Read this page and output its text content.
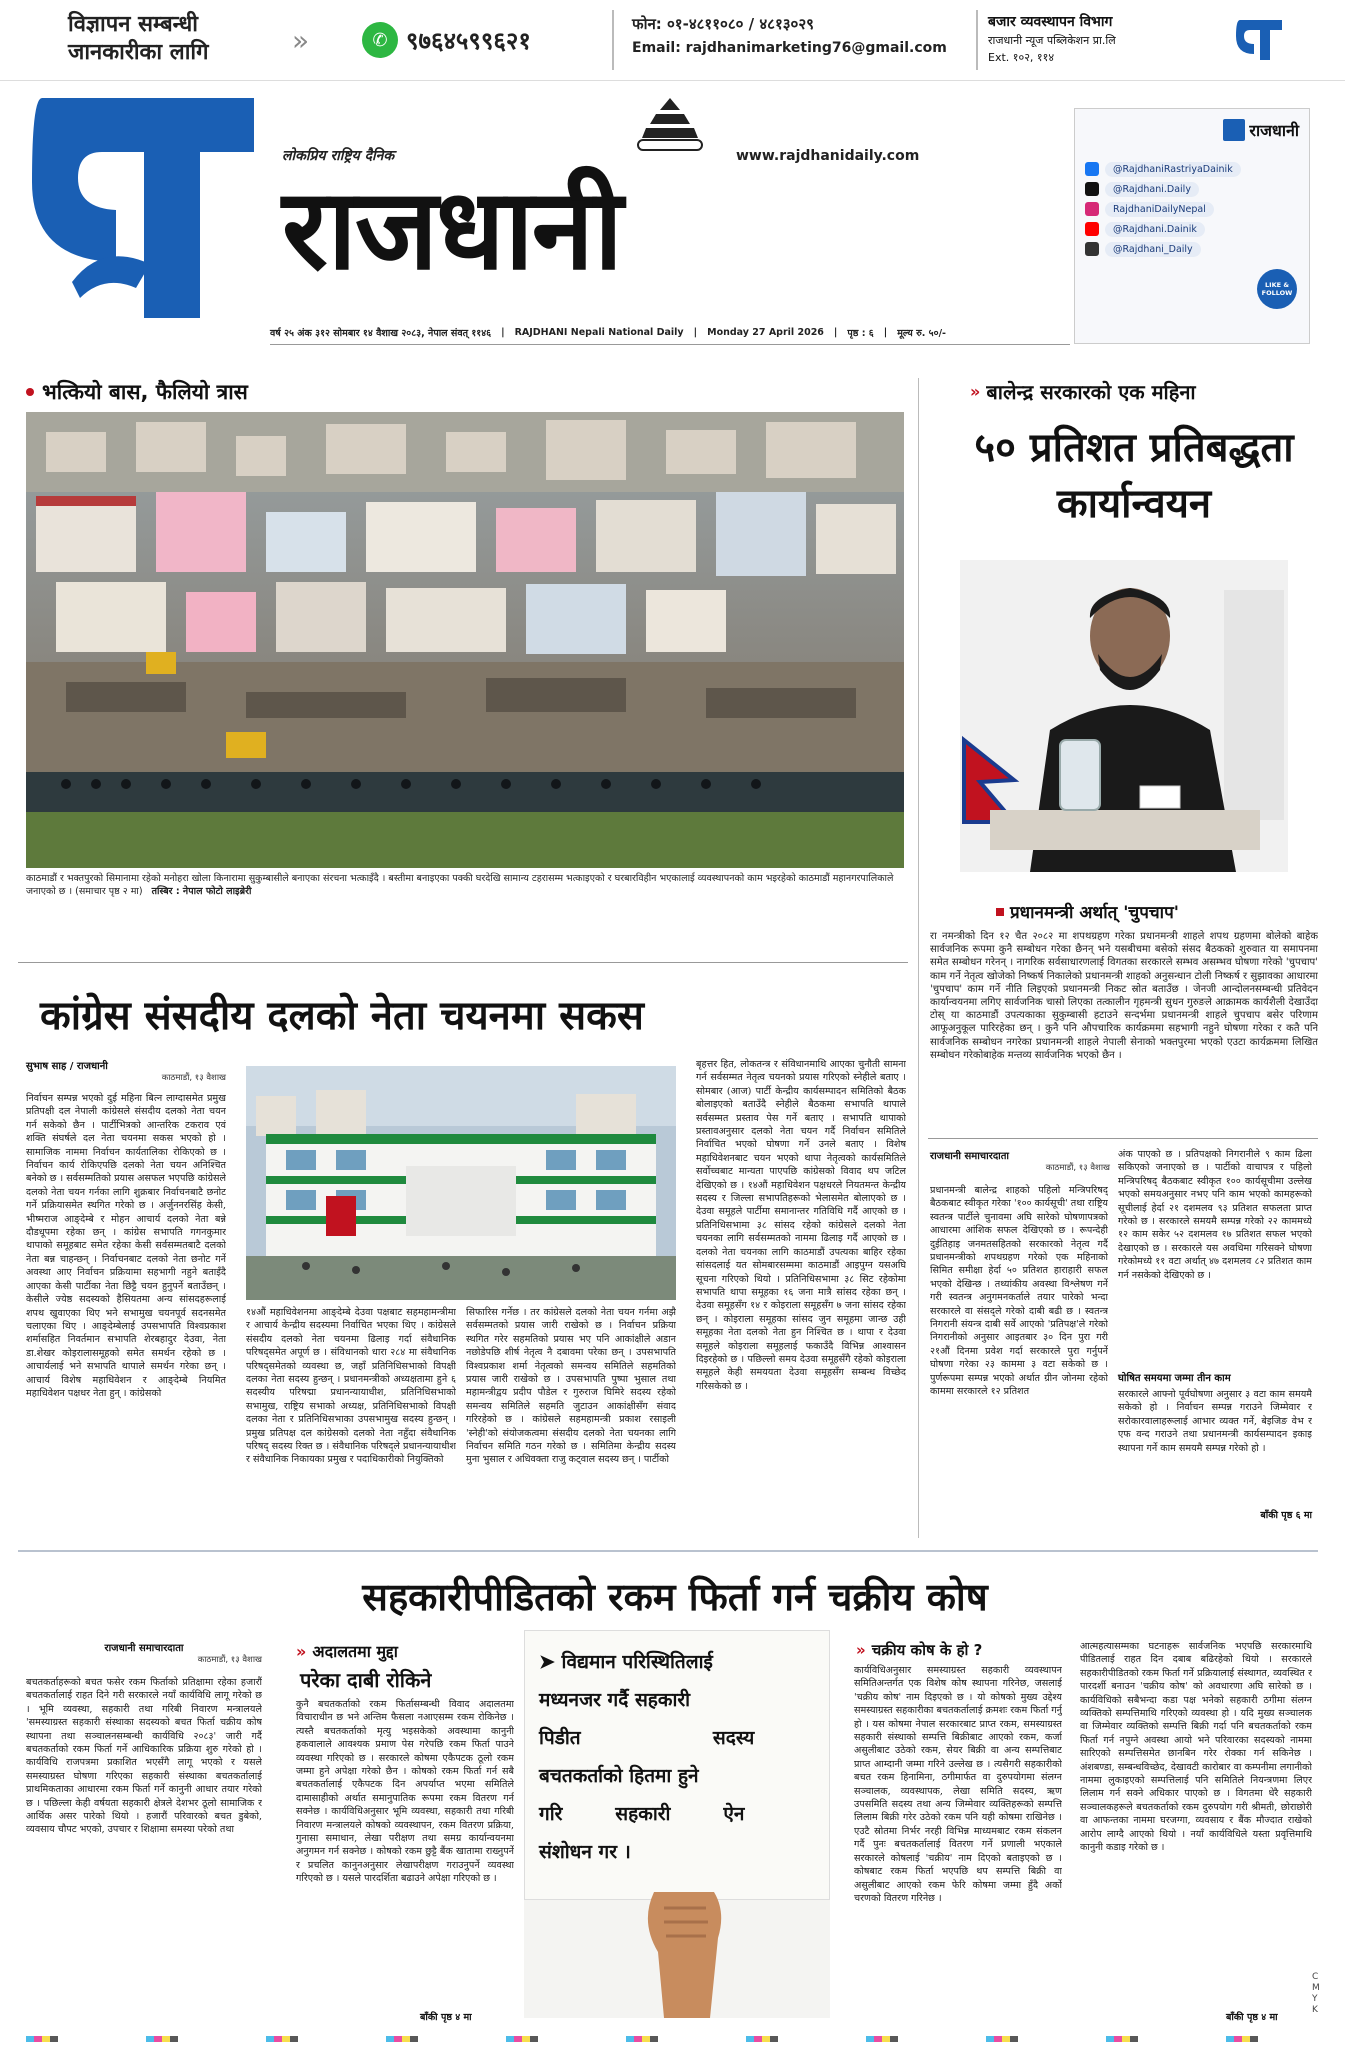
विज्ञापन सम्बन्धी जानकारीका लागि	»	✆ ९७६४५९९६२१
फोन: ०१-४८११०८० / ४८१३०२९
Email: rajdhanimarketing76@gmail.com
बजार व्यवस्थापन विभाग
राजधानी न्यूज पब्लिकेशन प्रा.लि
Ext. १०२, ११४
लोकप्रिय राष्ट्रिय दैनिक	www.rajdhanidaily.com
राजधानी
वर्ष २५ अंक ३१२ सोमबार १४ वैशाख २०८३, नेपाल संवत् ११४६ | RAJDHANI Nepali National Daily | Monday 27 April 2026 | पृष्ठ : ६ | मूल्य रु. ५०/-
राजधानी
@RajdhaniRastriyaDainik
@Rajdhani.Daily
RajdhaniDailyNepal
@Rajdhani.Dainik
@Rajdhani_Daily
LIKE & FOLLOW
भत्कियो बास, फैलियो त्रास
काठमाडौं र भक्तपुरको सिमानामा रहेको मनोहरा खोला किनारामा सुकुम्बासीले बनाएका संरचना भत्काइँदै । बस्तीमा बनाइएका पक्की घरदेखि सामान्य टहरासम्म भत्काइएको र घरबारविहीन भएकालाई व्यवस्थापनको काम भइरहेको काठमाडौं महानगरपालिकाले जनाएको छ । (समाचार पृष्ठ २ मा) तस्बिर : नेपाल फोटो लाइब्रेरी
» बालेन्द्र सरकारको एक महिना
५० प्रतिशत प्रतिबद्धता
कार्यान्वयन
प्रधानमन्त्री अर्थात् 'चुपचाप'
रा नमन्त्रीको दिन १२ चैत २०८२ मा शपथग्रहण गरेका प्रधानमन्त्री शाहले शपथ ग्रहणमा बोलेको बाहेक सार्वजनिक रूपमा कुनै सम्बोधन गरेका छैनन् भने यसबीचमा बसेको संसद बैठकको शुरुवात या समापनमा समेत सम्बोधन गरेनन् । नागरिक सर्वसाधारणलाई विगतका सरकारले सम्भव असम्भव घोषणा गरेको 'चुपचाप' काम गर्ने नेतृत्व खोजेको निष्कर्ष निकालेको प्रधानमन्त्री शाहको अनुसन्धान टोली निष्कर्ष र सुझावका आधारमा 'चुपचाप' काम गर्ने नीति लिइएको प्रधानमन्त्री निकट स्रोत बताउँछ । जेनजी आन्दोलनसम्बन्धी प्रतिवेदन कार्यान्वयनमा लगिए सार्वजनिक चासो लिएका तत्कालीन गृहमन्त्री सुधन गुरुङले आक्रामक कार्यशैली देखाउँदा टोस् या काठमाडौं उपत्यकाका सुकुम्बासी हटाउने सन्दर्भमा प्रधानमन्त्री शाहले चुपचाप बसेर परिणाम आफूअनुकूल पारिरहेका छन् । कुनै पनि औपचारिक कार्यक्रममा सहभागी नहुने घोषणा गरेका र कतै पनि सार्वजनिक सम्बोधन नगरेका प्रधानमन्त्री शाहले नेपाली सेनाको भक्तपुरमा भएको एउटा कार्यक्रममा लिखित सम्बोधन गरेकोबाहेक मन्तव्य सार्वजनिक भएको छैन ।
राजधानी समाचारदाता
काठमाडौं, १३ वैशाख
प्रधानमन्त्री बालेन्द्र शाहको पहिलो मन्त्रिपरिषद् बैठकबाट स्वीकृत गरेका '१०० कार्यसूची' तथा राष्ट्रिय स्वतन्त्र पार्टीले चुनावमा अघि सारेको घोषणापत्रको आधारमा आंशिक सफल देखिएको छ । रूपन्देही दुईतिहाइ जनमतसहितको सरकारको नेतृत्व गर्दै प्रधानमन्त्रीको शपथग्रहण गरेको एक महिनाको सिमित समीक्षा हेर्दा ५० प्रतिशत हाराहारी सफल भएको देखिन्छ । तथ्यांकीय अवस्था विश्लेषण गर्ने गरी स्वतन्त्र अनुगमनकर्ताले तयार पारेको भन्दा सरकारले वा संसद्ले गरेको दाबी बढी छ । स्वतन्त्र निगरानी संयन्त्र दाबी सर्वे आएको 'प्रतिपक्ष'ले गरेको निगरानीको अनुसार आइतबार ३० दिन पुरा गरी २१औं दिनमा प्रवेश गर्दा सरकारले पुरा गर्नुपर्ने घोषणा गरेका २३ काममा ३ वटा सकेको छ । पुर्णरूपमा सम्पन्न भएको अर्थात ग्रीन जोनमा रहेको काममा सरकारले १२ प्रतिशत
अंक पाएको छ । प्रतिपक्षको निगरानीले ९ काम ढिला सकिएको जनाएको छ । पार्टीको वाचापत्र र पहिलो मन्त्रिपरिषद् बैठकबाट स्वीकृत १०० कार्यसूचीमा उल्लेख भएको समयअनुसार नभए पनि काम भएको कामहरूको सूचीलाई हेर्दा २१ दशमलव ९३ प्रतिशत सफलता प्राप्त गरेको छ । सरकारले समयमै सम्पन्न गरेको २२ काममध्ये १२ काम सकेर ५२ दशमलव १७ प्रतिशत सफल भएको देखाएको छ । सरकारले यस अवधिमा गरिसक्ने घोषणा गरेकोमध्ये ११ वटा अर्थात् ४७ दशमलव ८२ प्रतिशत काम गर्न नसकेको देखिएको छ ।
घोषित समयमा जम्मा तीन काम
सरकारले आफ्नो पूर्वघोषणा अनुसार ३ वटा काम समयमै सकेको हो । निर्वाचन सम्पन्न गराउने जिम्मेवार र सरोकारवालाहरूलाई आभार व्यक्त गर्ने, बेइजिङ वेभ र एफ वन्द गराउने तथा प्रधानमन्त्री कार्यसम्पादन इकाइ स्थापना गर्ने काम समयमै सम्पन्न गरेको हो ।
बाँकी पृष्ठ ६ मा
कांग्रेस संसदीय दलको नेता चयनमा सकस
सुभाष साह / राजधानी
काठमाडौं, १३ वैशाख
निर्वाचन सम्पन्न भएको दुई महिना बित्न लाग्दासमेत प्रमुख प्रतिपक्षी दल नेपाली कांग्रेसले संसदीय दलको नेता चयन गर्न सकेको छैन । पार्टीभित्रको आन्तरिक टकराव एवं शक्ति संघर्षले दल नेता चयनमा सकस भएको हो । सामाजिक नाममा निर्वाचन कार्यतालिका रोकिएको छ । निर्वाचन कार्य रोकिएपछि दलको नेता चयन अनिश्चित बनेको छ । सर्वसम्मतिको प्रयास असफल भएपछि कांग्रेसले दलको नेता चयन गर्नका लागि शुक्रबार निर्वाचनबाटै छनोट गर्ने प्रक्रियासमेत स्थगित गरेको छ । अर्जुननरसिंह केसी, भीष्मराज आङ्देम्बे र मोहन आचार्य दलको नेता बन्ने दौडधूपमा रहेका छन् । कांग्रेस सभापति गगनकुमार थापाको समूहबाट समेत रहेका केसी सर्वसम्मतबाटै दलको नेता बन्न चाहन्छन् । निर्वाचनबाट दलको नेता छनोट गर्ने अवस्था आए निर्वाचन प्रक्रियामा सहभागी नहुने बताइँदै आएका केसी पार्टीका नेता छिट्टै चयन हुनुपर्ने बताउँछन् । केसीले ज्येष्ठ सदस्यको हैसियतमा अन्य सांसदहरूलाई शपथ खुवाएका थिए भने सभामुख चयनपूर्व सदनसमेत चलाएका थिए । आङ्देम्बेलाई उपसभापति विश्वप्रकाश शर्मासहित निवर्तमान सभापति शेरबहादुर देउवा, नेता डा.शेखर कोइरालासमूहको समेत समर्थन रहेको छ । आचार्यलाई भने सभापति थापाले समर्थन गरेका छन् । आचार्य विशेष महाधिवेशन र आङ्देम्बे नियमित महाधिवेशन पक्षधर नेता हुन् । कांग्रेसको
१४औं महाधिवेशनमा आङ्देम्बे देउवा पक्षबाट सहमहामन्त्रीमा र आचार्य केन्द्रीय सदस्यमा निर्वाचित भएका थिए । कांग्रेसले संसदीय दलको नेता चयनमा ढिलाइ गर्दा संवैधानिक परिषद्समेत अपूर्ण छ । संविधानको धारा २८४ मा संवैधानिक परिषद्समेतको व्यवस्था छ, जहाँ प्रतिनिधिसभाको विपक्षी दलका नेता सदस्य हुन्छन् । प्रधानमन्त्रीको अध्यक्षतामा हुने ६ सदस्यीय परिषद्मा प्रधानन्यायाधीश, प्रतिनिधिसभाको सभामुख, राष्ट्रिय सभाको अध्यक्ष, प्रतिनिधिसभाको विपक्षी दलका नेता र प्रतिनिधिसभाका उपसभामुख सदस्य हुन्छन् । प्रमुख प्रतिपक्ष दल कांग्रेसको दलको नेता नहुँदा संवैधानिक परिषद् सदस्य रिक्त छ । संवैधानिक परिषद्ले प्रधानन्यायाधीश र संवैधानिक निकायका प्रमुख र पदाधिकारीको नियुक्तिको
सिफारिस गर्नेछ । तर कांग्रेसले दलको नेता चयन गर्नमा अझै सर्वसम्मतको प्रयास जारी राखेको छ । निर्वाचन प्रक्रिया स्थगित गरेर सहमतिको प्रयास भए पनि आकांक्षीले अडान नछोडेपछि शीर्ष नेतृत्व नै दबावमा परेका छन् । उपसभापति विश्वप्रकाश शर्मा नेतृत्वको समन्वय समितिले सहमतिको प्रयास जारी राखेको छ । उपसभापति पुष्पा भुसाल तथा महामन्त्रीद्वय प्रदीप पौडेल र गुरुराज घिमिरे सदस्य रहेको समन्वय समितिले सहमति जुटाउन आकांक्षीसँग संवाद गरिरहेको छ । कांग्रेसले सहमहामन्त्री प्रकाश रसाइली 'स्नेही'को संयोजकत्वमा संसदीय दलको नेता चयनका लागि निर्वाचन समिति गठन गरेको छ । समितिमा केन्द्रीय सदस्य मुना भुसाल र अधिवक्ता राजु कट्वाल सदस्य छन् । पार्टीको
बृहत्तर हित, लोकतन्त्र र संविधानमाथि आएका चुनौती सामना गर्न सर्वसम्मत नेतृत्व चयनको प्रयास गरिएको स्नेहीले बताए । सोमबार (आज) पार्टी केन्द्रीय कार्यसम्पादन समितिको बैठक बोलाइएको बताउँदै स्नेहीले बैठकमा सभापति थापाले सर्वसम्मत प्रस्ताव पेस गर्ने बताए । सभापति थापाको प्रस्तावअनुसार दलको नेता चयन गर्दै निर्वाचन समितिले निर्वाचित भएको घोषणा गर्ने उनले बताए । विशेष महाधिवेशनबाट चयन भएको थापा नेतृत्वको कार्यसमितिले सर्वोच्चबाट मान्यता पाएपछि कांग्रेसको विवाद थप जटिल देखिएको छ । १४औं महाधिवेशन पक्षधरले नियतमन्त केन्द्रीय सदस्य र जिल्ला सभापतिहरूको भेलासमेत बोलाएको छ । देउवा समूहले पार्टीमा समानान्तर गतिविधि गर्दै आएको छ । प्रतिनिधिसभामा ३८ सांसद रहेको कांग्रेसले दलको नेता चयनका लागि सर्वसम्मतको नाममा ढिलाइ गर्दै आएको छ । दलको नेता चयनका लागि काठमाडौं उपत्यका बाहिर रहेका सांसदलाई यत सोमबारसम्ममा काठमाडौं आइपुग्न यसअघि सूचना गरिएको थियो । प्रतिनिधिसभामा ३८ सिट रहेकोमा सभापति थापा समूहका १६ जना मात्रै सांसद रहेका छन् । देउवा समूहसँग १४ र कोइराला समूहसँग ७ जना सांसद रहेका छन् । कोइराला समूहका सांसद जुन समूहमा जान्छ उही समूहका नेता दलको नेता हुन निश्चित छ । थापा र देउवा समूहले कोइराला समूहलाई फकाउँदै विभिन्न आश्वासन दिइरहेको छ । पछिल्लो समय देउवा समूहसँगै रहेको कोइराला समूहले केही समययता देउवा समूहसँग सम्बन्ध विच्छेद गरिसकेको छ ।
सहकारीपीडितको रकम फिर्ता गर्न चक्रीय कोष
राजधानी समाचारदाता
काठमाडौं, १३ वैशाख
बचतकर्ताहरूको बचत फसेर रकम फिर्ताको प्रतिक्षामा रहेका हजारौं बचतकर्तालाई राहत दिने गरी सरकारले नयाँ कार्यविधि लागू गरेको छ । भूमि व्यवस्था, सहकारी तथा गरिबी निवारण मन्त्रालयले 'समस्याग्रस्त सहकारी संस्थाका सदस्यको बचत फिर्ता चक्रीय कोष स्थापना तथा सञ्चालनसम्बन्धी कार्यविधि २०८३' जारी गर्दै बचतकर्ताको रकम फिर्ता गर्ने आधिकारिक प्रक्रिया शुरु गरेको हो । कार्यविधि राजपत्रमा प्रकाशित भएसँगै लागू भएको र यसले समस्याग्रस्त घोषणा गरिएका सहकारी संस्थाका बचतकर्तालाई प्राथमिकताका आधारमा रकम फिर्ता गर्ने कानुनी आधार तयार गरेको छ । पछिल्ला केही वर्षयता सहकारी क्षेत्रले देशभर ठूलो सामाजिक र आर्थिक असर पारेको थियो । हजारौं परिवारको बचत डुबेको, व्यवसाय चौपट भएको, उपचार र शिक्षामा समस्या परेको तथा
» अदालतमा मुद्दा
परेका दाबी रोकिने
कुनै बचतकर्ताको रकम फिर्तासम्बन्धी विवाद अदालतमा विचाराधीन छ भने अन्तिम फैसला नआएसम्म रकम रोकिनेछ । त्यस्तै बचतकर्ताको मृत्यु भइसकेको अवस्थामा कानुनी हकवालाले आवश्यक प्रमाण पेस गरेपछि रकम फिर्ता पाउने व्यवस्था गरिएको छ । सरकारले कोषमा एकैपटक ठूलो रकम जम्मा हुने अपेक्षा गरेको छैन । कोषको रकम फिर्ता गर्न सबै बचतकर्तालाई एकैपटक दिन अपर्याप्त भएमा समितिले दामासाहीको अर्थात समानुपातिक रूपमा रकम वितरण गर्न सक्नेछ । कार्यविधिअनुसार भूमि व्यवस्था, सहकारी तथा गरिबी निवारण मन्त्रालयले कोषको व्यवस्थापन, रकम वितरण प्रक्रिया, गुनासा समाधान, लेखा परीक्षण तथा समग्र कार्यान्वयनमा अनुगमन गर्न सक्नेछ । कोषको रकम छुट्टै बैंक खातामा राख्नुपर्ने र प्रचलित कानुनअनुसार लेखापरीक्षण गराउनुपर्ने व्यवस्था गरिएको छ । यसले पारदर्शिता बढाउने अपेक्षा गरिएको छ ।
बाँकी पृष्ठ ४ मा
➤ विद्यमान परिस्थितिलाई
मध्यनजर गर्दै सहकारी
पिडीत                    सदस्य
बचतकर्ताको हितमा हुने
गरि        सहकारी        ऐन
संशोधन गर ।
» चक्रीय कोष के हो ?
कार्यविधिअनुसार समस्याग्रस्त सहकारी व्यवस्थापन समितिअन्तर्गत एक विशेष कोष स्थापना गरिनेछ, जसलाई 'चक्रीय कोष' नाम दिइएको छ । यो कोषको मुख्य उद्देश्य समस्याग्रस्त सहकारीका बचतकर्तालाई क्रमशः रकम फिर्ता गर्नु हो । यस कोषमा नेपाल सरकारबाट प्राप्त रकम, समस्याग्रस्त सहकारी संस्थाको सम्पत्ति बिक्रीबाट आएको रकम, कर्जा असुलीबाट उठेको रकम, सेयर बिक्री वा अन्य सम्पत्तिबाट प्राप्त आम्दानी जम्मा गरिने उल्लेख छ । त्यसैगरी सहकारीको बचत रकम हिनामिना, ठगीमार्फत वा दुरुपयोगमा संलग्न सञ्चालक, व्यवस्थापक, लेखा समिति सदस्य, ऋण उपसमिति सदस्य तथा अन्य जिम्मेवार व्यक्तिहरूको सम्पत्ति लिलाम बिक्री गरेर उठेको रकम पनि यही कोषमा राखिनेछ । एउटै स्रोतमा निर्भर नरही विभिन्न माध्यमबाट रकम संकलन गर्दै पुनः बचतकर्तालाई वितरण गर्ने प्रणाली भएकाले सरकारले कोषलाई 'चक्रीय' नाम दिएको बताइएको छ । कोषबाट रकम फिर्ता भएपछि थप सम्पत्ति बिक्री वा असुलीबाट आएको रकम फेरि कोषमा जम्मा हुँदै अर्को चरणको वितरण गरिनेछ ।
आत्महत्यासम्मका घटनाहरू सार्वजनिक भएपछि सरकारमाथि पीडितलाई राहत दिन दबाब बढिरहेको थियो । सरकारले सहकारीपीडितको रकम फिर्ता गर्ने प्रक्रियालाई संस्थागत, व्यवस्थित र पारदर्शी बनाउन 'चक्रीय कोष' को अवधारणा अघि सारेको छ । कार्यविधिको सबैभन्दा कडा पक्ष भनेको सहकारी ठगीमा संलग्न व्यक्तिको सम्पत्तिमाथि गरिएको व्यवस्था हो । यदि मुख्य सञ्चालक वा जिम्मेवार व्यक्तिको सम्पत्ति बिक्री गर्दा पनि बचतकर्ताको रकम फिर्ता गर्न नपुग्ने अवस्था आयो भने परिवारका सदस्यको नाममा सारिएको सम्पत्तिसमेत छानबिन गरेर रोक्का गर्न सकिनेछ । अंशबण्डा, सम्बन्धविच्छेद, देखावटी कारोबार वा कम्पनीमा लगानीको नाममा लुकाइएको सम्पत्तिलाई पनि समितिले नियन्त्रणमा लिएर लिलाम गर्न सक्ने अधिकार पाएको छ । विगतमा धेरै सहकारी सञ्चालकहरूले बचतकर्ताको रकम दुरुपयोग गरी श्रीमती, छोराछोरी वा आफन्तका नाममा घरजग्गा, व्यवसाय र बैंक मौज्दात राखेको आरोप लाग्दै आएको थियो । नयाँ कार्यविधिले यस्ता प्रवृत्तिमाथि कानुनी कडाइ गरेको छ ।
बाँकी पृष्ठ ४ मा
C M Y K
